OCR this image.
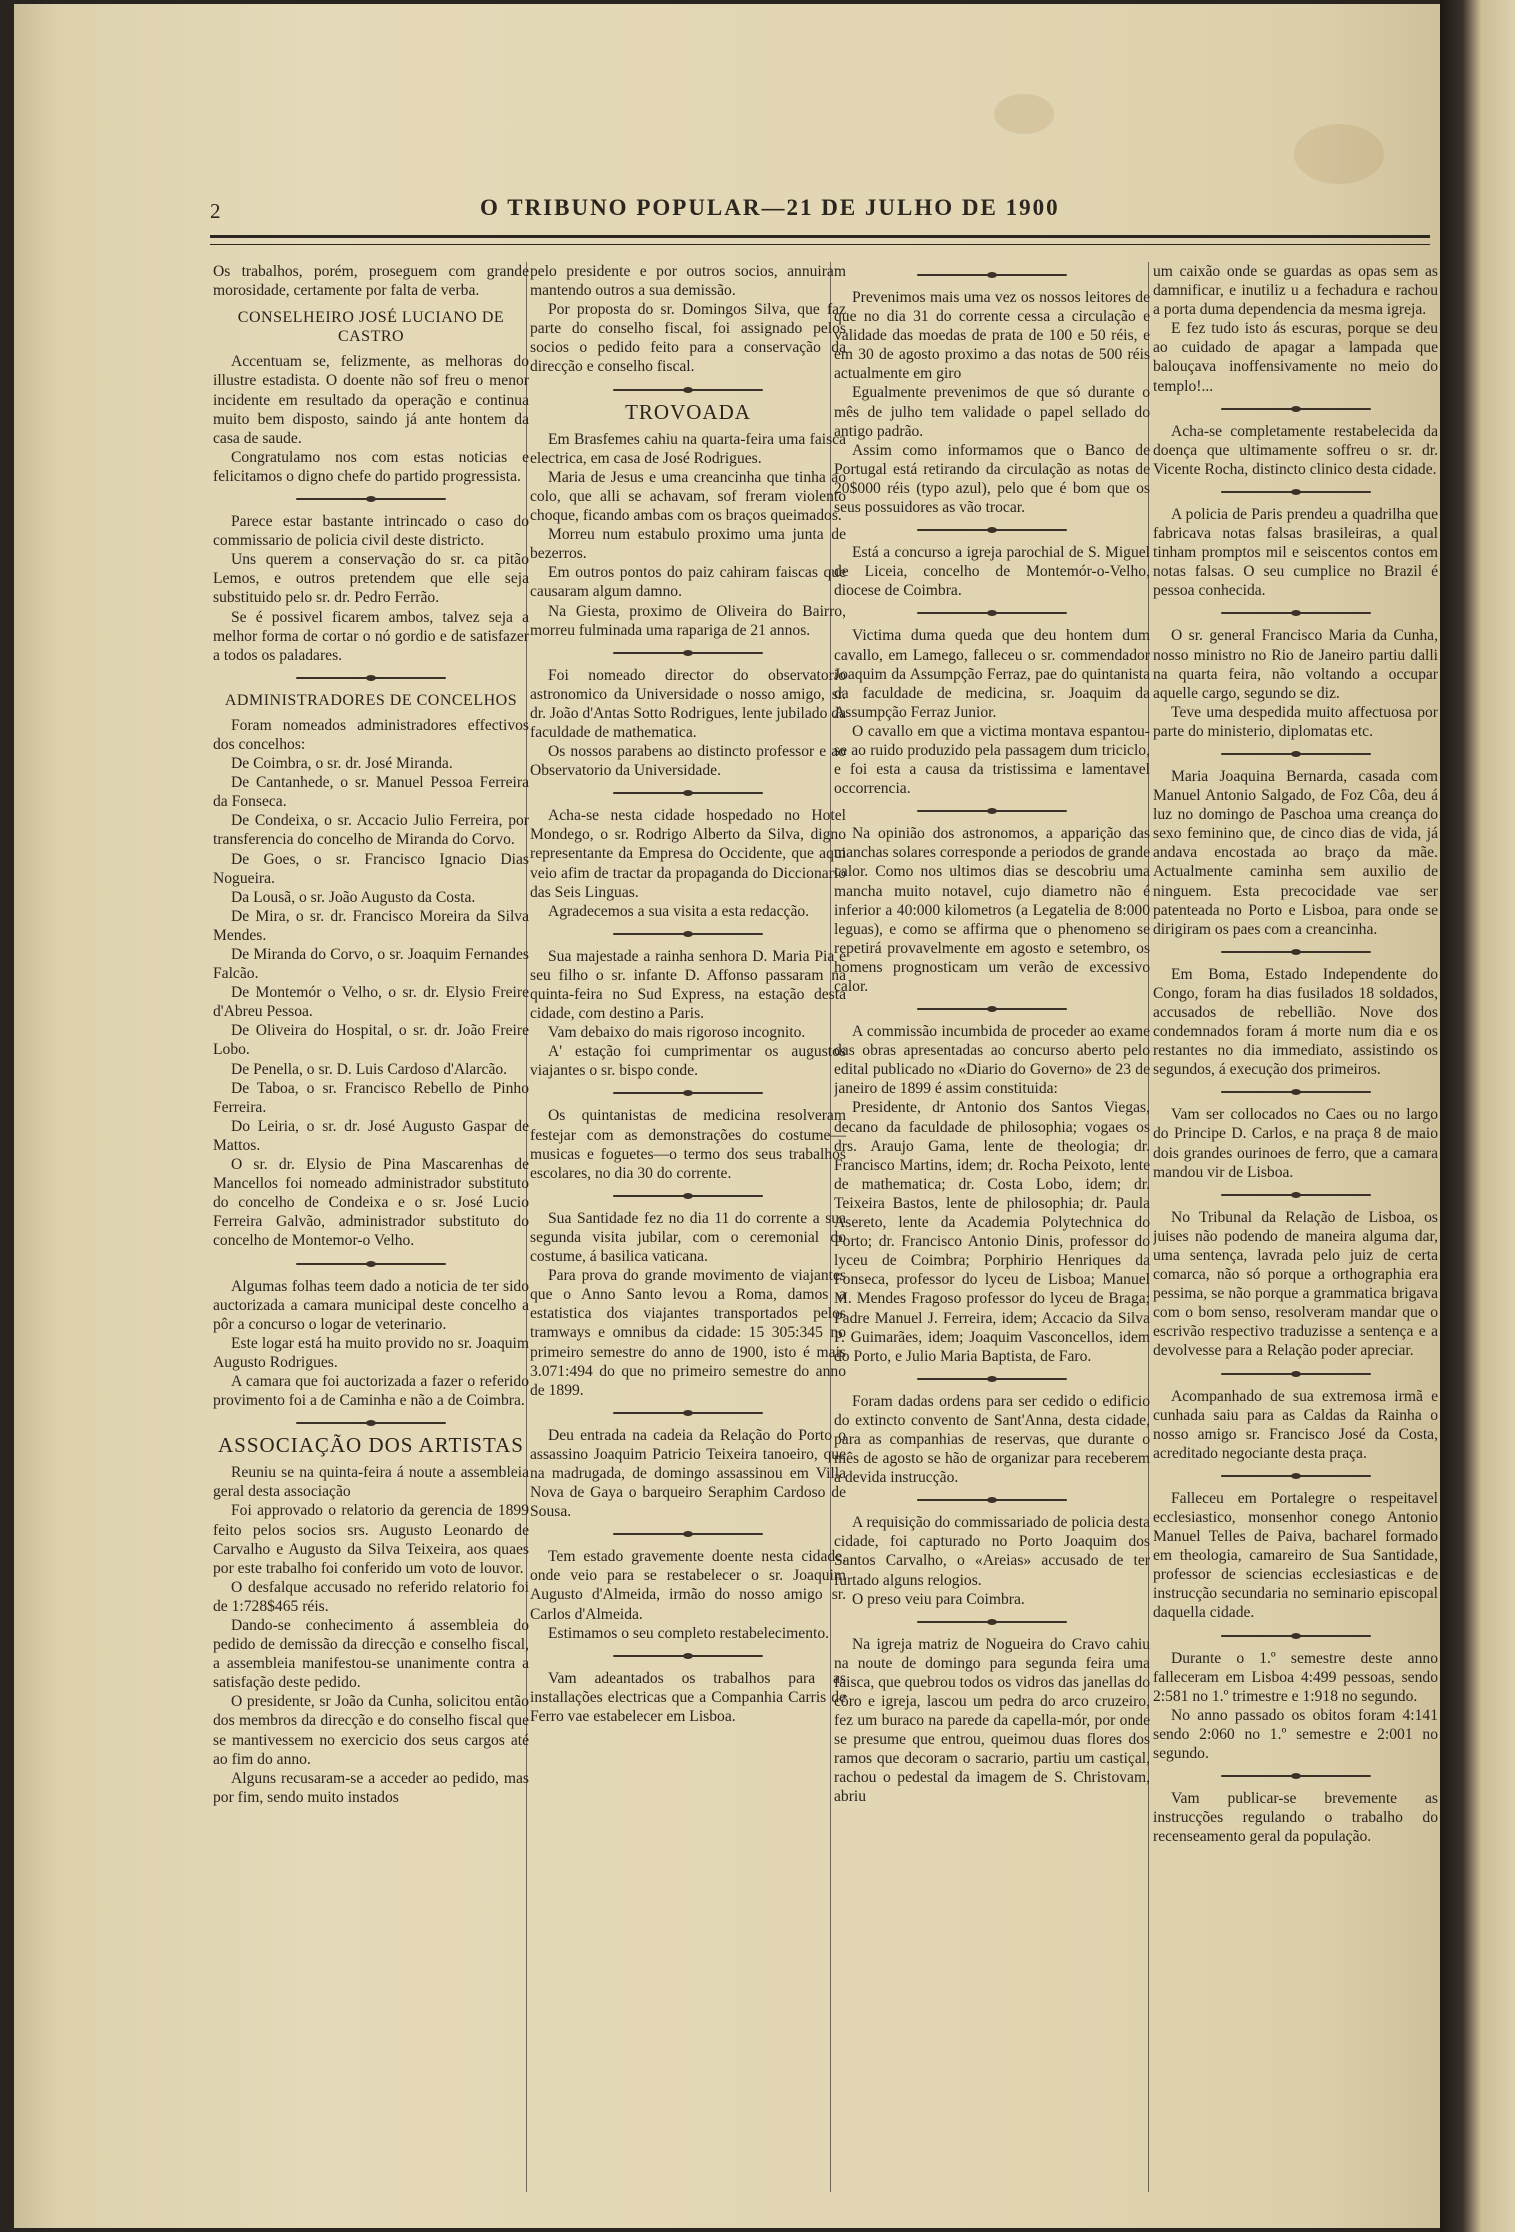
2	O TRIBUNO POPULAR—21 DE JULHO DE 1900

Os trabalhos, porém, proseguem com grande morosidade, certamente por falta de verba.

CONSELHEIRO JOSÉ LUCIANO DE CASTRO

Accentuam se, felizmente, as melhoras do illustre estadista. O doente não sof freu o menor incidente em resultado da operação e continua muito bem disposto, saindo já ante hontem da casa de saude.

Congratulamo nos com estas noticias e felicitamos o digno chefe do partido progressista.

Parece estar bastante intrincado o caso do commissario de policia civil deste districto.

Uns querem a conservação do sr. ca pitão Lemos, e outros pretendem que elle seja substituido pelo sr. dr. Pedro Ferrão.

Se é possivel ficarem ambos, talvez seja a melhor forma de cortar o nó gordio e de satisfazer a todos os paladares.

ADMINISTRADORES DE CONCELHOS

Foram nomeados administradores effectivos dos concelhos:

De Coimbra, o sr. dr. José Miranda.

De Cantanhede, o sr. Manuel Pessoa Ferreira da Fonseca.

De Condeixa, o sr. Accacio Julio Ferreira, por transferencia do concelho de Miranda do Corvo.

De Goes, o sr. Francisco Ignacio Dias Nogueira.

Da Lousã, o sr. João Augusto da Costa.

De Mira, o sr. dr. Francisco Moreira da Silva Mendes.

De Miranda do Corvo, o sr. Joaquim Fernandes Falcão.

De Montemór o Velho, o sr. dr. Elysio Freire d'Abreu Pessoa.

De Oliveira do Hospital, o sr. dr. João Freire Lobo.

De Penella, o sr. D. Luis Cardoso d'Alarcão.

De Taboa, o sr. Francisco Rebello de Pinho Ferreira.

Do Leiria, o sr. dr. José Augusto Gaspar de Mattos.

O sr. dr. Elysio de Pina Mascarenhas de Mancellos foi nomeado administrador substituto do concelho de Condeixa e o sr. José Lucio Ferreira Galvão, administrador substituto do concelho de Montemor-o Velho.

Algumas folhas teem dado a noticia de ter sido auctorizada a camara municipal deste concelho a pôr a concurso o logar de veterinario.

Este logar está ha muito provido no sr. Joaquim Augusto Rodrigues.

A camara que foi auctorizada a fazer o referido provimento foi a de Caminha e não a de Coimbra.

ASSOCIAÇÃO DOS ARTISTAS

Reuniu se na quinta-feira á noute a assembleia geral desta associação

Foi approvado o relatorio da gerencia de 1899 feito pelos socios srs. Augusto Leonardo de Carvalho e Augusto da Silva Teixeira, aos quaes por este trabalho foi conferido um voto de louvor.

O desfalque accusado no referido relatorio foi de 1:728$465 réis.

Dando-se conhecimento á assembleia do pedido de demissão da direcção e conselho fiscal, a assembleia manifestou-se unanimente contra a satisfação deste pedido.

O presidente, sr João da Cunha, solicitou então dos membros da direcção e do conselho fiscal que se mantivessem no exercicio dos seus cargos até ao fim do anno.

Alguns recusaram-se a acceder ao pedido, mas por fim, sendo muito instados

pelo presidente e por outros socios, annuiram mantendo outros a sua demissão.

Por proposta do sr. Domingos Silva, que faz parte do conselho fiscal, foi assignado pelos socios o pedido feito para a conservação da direcção e conselho fiscal.

TROVOADA

Em Brasfemes cahiu na quarta-feira uma faisca electrica, em casa de José Rodrigues.

Maria de Jesus e uma creancinha que tinha ao colo, que alli se achavam, sof freram violento choque, ficando ambas com os braços queimados.

Morreu num estabulo proximo uma junta de bezerros.

Em outros pontos do paiz cahiram faiscas que causaram algum damno.

Na Giesta, proximo de Oliveira do Bairro, morreu fulminada uma rapariga de 21 annos.

Foi nomeado director do observatorio astronomico da Universidade o nosso amigo, sr. dr. João d'Antas Sotto Rodrigues, lente jubilado da faculdade de mathematica.

Os nossos parabens ao distincto professor e ao Observatorio da Universidade.

Acha-se nesta cidade hospedado no Hotel Mondego, o sr. Rodrigo Alberto da Silva, digno representante da Empresa do Occidente, que aqui veio afim de tractar da propaganda do Diccionario das Seis Linguas.

Agradecemos a sua visita a esta redacção.

Sua majestade a rainha senhora D. Maria Pia e seu filho o sr. infante D. Affonso passaram na quinta-feira no Sud Express, na estação desta cidade, com destino a Paris.

Vam debaixo do mais rigoroso incognito.

A' estação foi cumprimentar os augustos viajantes o sr. bispo conde.

Os quintanistas de medicina resolveram festejar com as demonstrações do costume—musicas e foguetes—o termo dos seus trabalhos escolares, no dia 30 do corrente.

Sua Santidade fez no dia 11 do corrente a sua segunda visita jubilar, com o ceremonial do costume, á basilica vaticana.

Para prova do grande movimento de viajantes que o Anno Santo levou a Roma, damos a estatistica dos viajantes transportados pelos tramways e omnibus da cidade: 15 305:345 no primeiro semestre do anno de 1900, isto é mais 3.071:494 do que no primeiro semestre do anno de 1899.

Deu entrada na cadeia da Relação do Porto o assassino Joaquim Patricio Teixeira tanoeiro, que na madrugada, de domingo assassinou em Villa Nova de Gaya o barqueiro Seraphim Cardoso de Sousa.

Tem estado gravemente doente nesta cidade, onde veio para se restabelecer o sr. Joaquim Augusto d'Almeida, irmão do nosso amigo sr. Carlos d'Almeida.

Estimamos o seu completo restabelecimento.

Vam adeantados os trabalhos para as installações electricas que a Companhia Carris de Ferro vae estabelecer em Lisboa.

Prevenimos mais uma vez os nossos leitores de que no dia 31 do corrente cessa a circulação e validade das moedas de prata de 100 e 50 réis, e em 30 de agosto proximo a das notas de 500 réis actualmente em giro

Egualmente prevenimos de que só durante o mês de julho tem validade o papel sellado do antigo padrão.

Assim como informamos que o Banco de Portugal está retirando da circulação as notas de 20$000 réis (typo azul), pelo que é bom que os seus possuidores as vão trocar.

Está a concurso a igreja parochial de S. Miguel de Liceia, concelho de Montemór-o-Velho, diocese de Coimbra.

Victima duma queda que deu hontem dum cavallo, em Lamego, falleceu o sr. commendador Joaquim da Assumpção Ferraz, pae do quintanista da faculdade de medicina, sr. Joaquim da Assumpção Ferraz Junior.

O cavallo em que a victima montava espantou-se ao ruido produzido pela passagem dum triciclo, e foi esta a causa da tristissima e lamentavel occorrencia.

Na opinião dos astronomos, a apparição das manchas solares corresponde a periodos de grande calor. Como nos ultimos dias se descobriu uma mancha muito notavel, cujo diametro não é inferior a 40:000 kilometros (a Legatelia de 8:000 leguas), e como se affirma que o phenomeno se repetirá provavelmente em agosto e setembro, os homens prognosticam um verão de excessivo calor.

A commissão incumbida de proceder ao exame das obras apresentadas ao concurso aberto pelo edital publicado no «Diario do Governo» de 23 de janeiro de 1899 é assim constituida:

Presidente, dr Antonio dos Santos Viegas, decano da faculdade de philosophia; vogaes os drs. Araujo Gama, lente de theologia; dr. Francisco Martins, idem; dr. Rocha Peixoto, lente de mathematica; dr. Costa Lobo, idem; dr. Teixeira Bastos, lente de philosophia; dr. Paula Asereto, lente da Academia Polytechnica do Porto; dr. Francisco Antonio Dinis, professor do lyceu de Coimbra; Porphirio Henriques da Fonseca, professor do lyceu de Lisboa; Manuel M. Mendes Fragoso professor do lyceu de Braga; Padre Manuel J. Ferreira, idem; Accacio da Silva P. Guimarães, idem; Joaquim Vasconcellos, idem do Porto, e Julio Maria Baptista, de Faro.

Foram dadas ordens para ser cedido o edificio do extincto convento de Sant'Anna, desta cidade, para as companhias de reservas, que durante o mês de agosto se hão de organizar para receberem a devida instrucção.

A requisição do commissariado de policia desta cidade, foi capturado no Porto Joaquim dos Santos Carvalho, o «Areias» accusado de ter furtado alguns relogios.

O preso veiu para Coimbra.

Na igreja matriz de Nogueira do Cravo cahiu na noute de domingo para segunda feira uma faisca, que quebrou todos os vidros das janellas do côro e igreja, lascou um pedra do arco cruzeiro, fez um buraco na parede da capella-mór, por onde se presume que entrou, queimou duas flores dos ramos que decoram o sacrario, partiu um castiçal, rachou o pedestal da imagem de S. Christovam, abriu

um caixão onde se guardas as opas sem as damnificar, e inutiliz u a fechadura e rachou a porta duma dependencia da mesma igreja.

E fez tudo isto ás escuras, porque se deu ao cuidado de apagar a lampada que balouçava inoffensivamente no meio do templo!...

Acha-se completamente restabelecida da doença que ultimamente soffreu o sr. dr. Vicente Rocha, distincto clinico desta cidade.

A policia de Paris prendeu a quadrilha que fabricava notas falsas brasileiras, a qual tinham promptos mil e seiscentos contos em notas falsas. O seu cumplice no Brazil é pessoa conhecida.

O sr. general Francisco Maria da Cunha, nosso ministro no Rio de Janeiro partiu dalli na quarta feira, não voltando a occupar aquelle cargo, segundo se diz.

Teve uma despedida muito affectuosa por parte do ministerio, diplomatas etc.

Maria Joaquina Bernarda, casada com Manuel Antonio Salgado, de Foz Côa, deu á luz no domingo de Paschoa uma creança do sexo feminino que, de cinco dias de vida, já andava encostada ao braço da mãe. Actualmente caminha sem auxilio de ninguem. Esta precocidade vae ser patenteada no Porto e Lisboa, para onde se dirigiram os paes com a creancinha.

Em Boma, Estado Independente do Congo, foram ha dias fusilados 18 soldados, accusados de rebellião. Nove dos condemnados foram á morte num dia e os restantes no dia immediato, assistindo os segundos, á execução dos primeiros.

Vam ser collocados no Caes ou no largo do Principe D. Carlos, e na praça 8 de maio dois grandes ourinoes de ferro, que a camara mandou vir de Lisboa.

No Tribunal da Relação de Lisboa, os juises não podendo de maneira alguma dar, uma sentença, lavrada pelo juiz de certa comarca, não só porque a orthographia era pessima, se não porque a grammatica brigava com o bom senso, resolveram mandar que o escrivão respectivo traduzisse a sentença e a devolvesse para a Relação poder apreciar.

Acompanhado de sua extremosa irmã e cunhada saiu para as Caldas da Rainha o nosso amigo sr. Francisco José da Costa, acreditado negociante desta praça.

Falleceu em Portalegre o respeitavel ecclesiastico, monsenhor conego Antonio Manuel Telles de Paiva, bacharel formado em theologia, camareiro de Sua Santidade, professor de sciencias ecclesiasticas e de instrucção secundaria no seminario episcopal daquella cidade.

Durante o 1.º semestre deste anno falleceram em Lisboa 4:499 pessoas, sendo 2:581 no 1.º trimestre e 1:918 no segundo.

No anno passado os obitos foram 4:141 sendo 2:060 no 1.º semestre e 2:001 no segundo.

Vam publicar-se brevemente as instrucções regulando o trabalho do recenseamento geral da população.
